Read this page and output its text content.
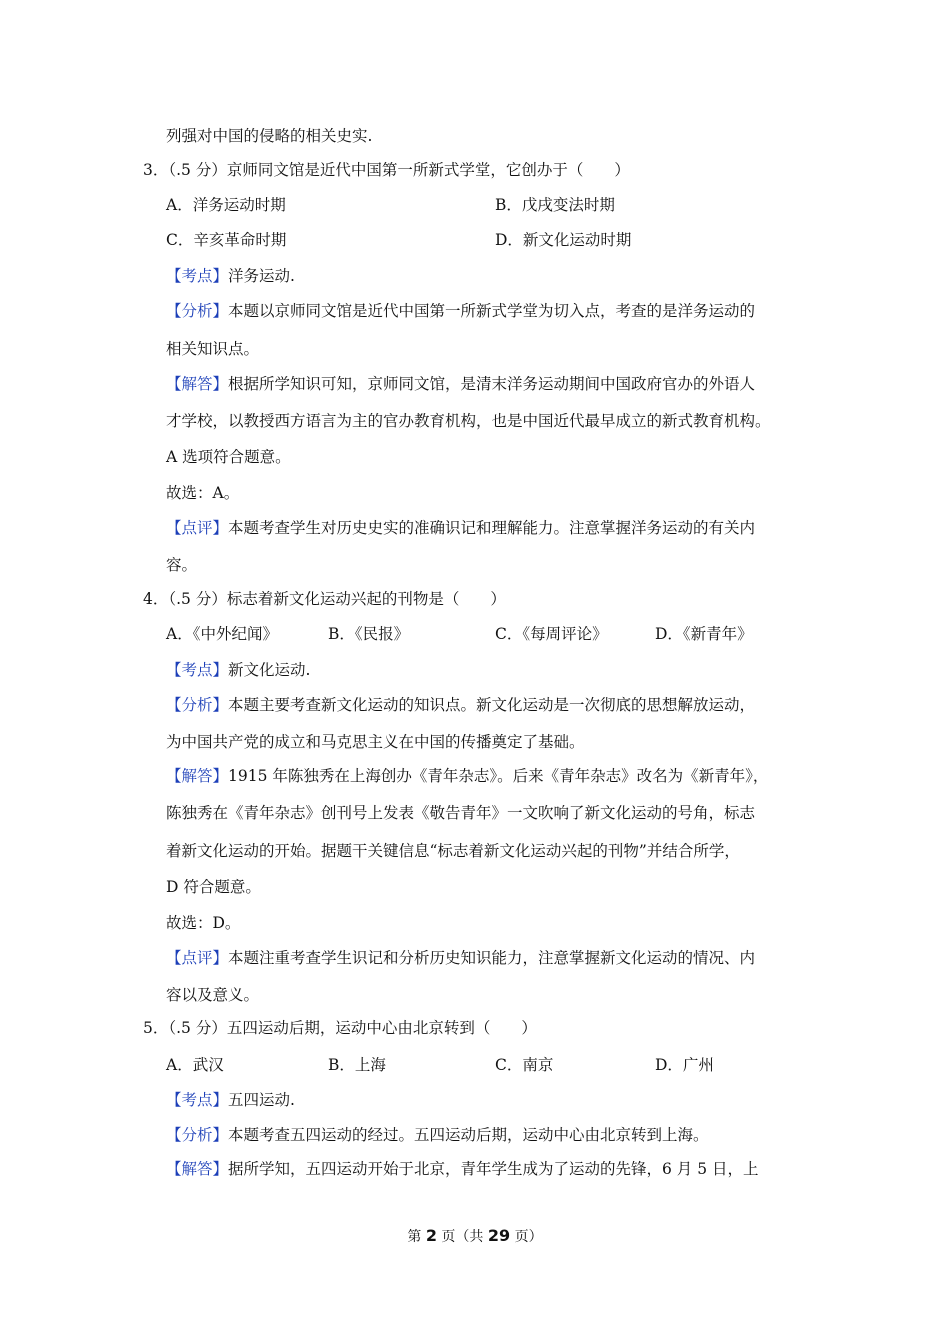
列强对中国的侵略的相关史实.
3．（.5 分）京师同文馆是近代中国第一所新式学堂，它创办于（　　）
A．洋务运动时期	B．戊戌变法时期
C．辛亥革命时期	D．新文化运动时期
【考点】洋务运动.
【分析】本题以京师同文馆是近代中国第一所新式学堂为切入点，考查的是洋务运动的
相关知识点。
【解答】根据所学知识可知，京师同文馆，是清末洋务运动期间中国政府官办的外语人
才学校，以教授西方语言为主的官办教育机构，也是中国近代最早成立的新式教育机构。
A 选项符合题意。
故选：A。
【点评】本题考查学生对历史史实的准确识记和理解能力。注意掌握洋务运动的有关内
容。
4．（.5 分）标志着新文化运动兴起的刊物是（　　）
A．《中外纪闻》	B．《民报》	C．《每周评论》	D．《新青年》
【考点】新文化运动.
【分析】本题主要考查新文化运动的知识点。新文化运动是一次彻底的思想解放运动，
为中国共产党的成立和马克思主义在中国的传播奠定了基础。
【解答】1915 年陈独秀在上海创办《青年杂志》。后来《青年杂志》改名为《新青年》，
陈独秀在《青年杂志》创刊号上发表《敬告青年》一文吹响了新文化运动的号角，标志
着新文化运动的开始。据题干关键信息“标志着新文化运动兴起的刊物”并结合所学，
D 符合题意。
故选：D。
【点评】本题注重考查学生识记和分析历史知识能力，注意掌握新文化运动的情况、内
容以及意义。
5．（.5 分）五四运动后期，运动中心由北京转到（　　）
A．武汉	B．上海	C．南京	D．广州
【考点】五四运动.
【分析】本题考查五四运动的经过。五四运动后期，运动中心由北京转到上海。
【解答】据所学知，五四运动开始于北京，青年学生成为了运动的先锋，6 月 5 日，上
第 2 页（共 29 页）
